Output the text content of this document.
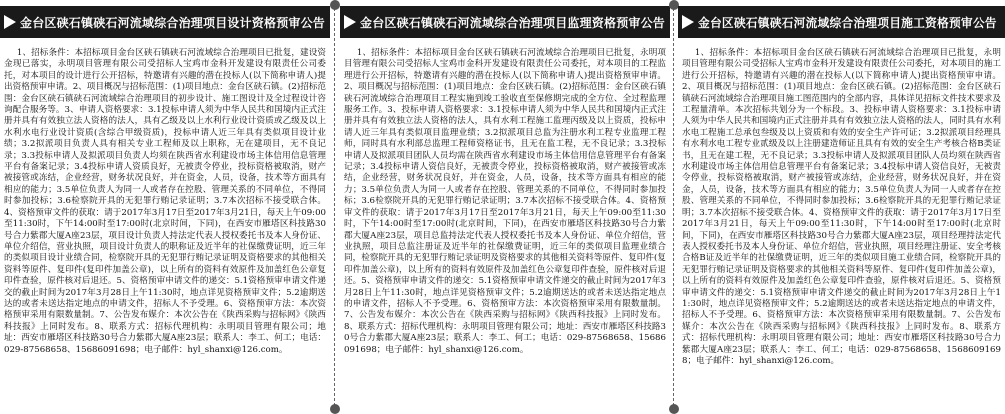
金台区硖石镇硖石河流域综合治理项目设计资格预审公告
1、招标条件：本招标项目金台区硖石镇硖石河流域综合治理项目已批复，建设资金现已落实，永明项目管理有限公司受招标人宝鸡市金科开发建设有限责任公司委托，对本项目的设计进行公开招标，特邀请有兴趣的潜在投标人(以下简称申请人)提出资格预审申请。2、项目概况与招标范围：(1)项目地点：金台区硖石镇。(2)招标范围：金台区硖石镇硖石河流域综合治理项目的初步设计、施工图设计及全过程设计咨询配合服务等。3、申请人资格要求：3.1投标申请人须为中华人民共和国境内正式注册并具有有效独立法人资格的法人，具有乙级及以上水利行业设计资质或乙级及以上水利水电行业设计资质(含综合甲级资质)，投标申请人近三年具有类似项目设计业绩；3.2拟派项目负责人具有相关专业工程师及以上职称，无在建项目，无不良记录；3.3投标申请人及拟派项目负责人均须在陕西省水利建设市场主体信用信息管理平台有备案记录；3.4投标申请人资质良好，无被责令停业，投标资格被取消，财产被接管或冻结，企业经营，财务状况良好，并在资金，人员，设备，技术等方面具有相应的能力；3.5单位负责人为同一人或者存在控股、管理关系的不同单位，不得同时参加投标；3.6检察院开具的无犯罪行贿记录证明；3.7本次招标不接受联合体。4、资格预审文件的获取：请于2017年3月17日至2017年3月21日，每天上午09:00至11:30时，下午14:00时至17:00时(北京时间，下同)，在西安市雁塔区科技路30号合力紫郡大厦A座23层，项目设计负责人持法定代表人授权委托书及本人身份证、单位介绍信，营业执照，项目设计负责人的职称证及近半年的社保缴费证明，近三年的类似项目设计业绩合同，检察院开具的无犯罪行贿记录证明及资格要求的其他相关资料等原件、复印件(复印件加盖公章)，以上所有的资料有效原件及加盖红色公章复印件查验，原件核对后退还。5、资格预审申请文件的递交：5.1资格预审申请文件递交的截止时间为2017年3月28日上午11:30时，地点详见资格预审文件；5.2逾期送达的或者未送达指定地点的申请文件，招标人不予受理。6、资格预审方法：本次资格预审采用有限数量制。7、公告发布媒介：本次公告在《陕西采购与招标网》《陕西科技报》上同时发布。8、联系方式：招标代理机构：永明项目管理有限公司；地址：西安市雁塔区科技路30号合力紫郡大厦A座23层；联系人：李工、何工；电话：029-87568658、15686091698；电子邮件：hyl_shanxi@126.com。
金台区硖石镇硖石河流域综合治理项目监理资格预审公告
1、招标条件：本招标项目金台区硖石镇硖石河流域综合治理项目已批复，永明项目管理有限公司受招标人宝鸡市金科开发建设有限责任公司委托，对本项目的工程监理进行公开招标，特邀请有兴趣的潜在投标人(以下简称申请人)提出资格预审申请。2、项目概况与招标范围：(1)项目地点：金台区硖石镇。(2)招标范围：金台区硖石镇硖石河流域综合治理项目工程实施到竣工验收直至保修期完成的全方位、全过程监理服务工作。3、投标申请人资格要求：3.1投标申请人须为中华人民共和国境内正式注册并具有有效独立法人资格的法人，具有水利工程施工监理丙级及以上资质，投标申请人近三年具有类似项目监理业绩；3.2拟派项目总监为注册水利工程专业监理工程师，同时具有水利部总监理工程师资格证书，且无在监工程，无不良记录；3.3投标申请人及拟派项目团队人员均需在陕西省水利建设市场主体信用信息管理平台有备案记录；3.4投标申请人资信良好，无被责令停业，投标资格被取消，财产被接管或冻结，企业经营，财务状况良好，并在资金，人员，设备，技术等方面具有相应的能力；3.5单位负责人为同一人或者存在控股、管理关系的不同单位，不得同时参加投标；3.6检察院开具的无犯罪行贿记录证明；3.7本次招标不接受联合体。4、资格预审文件的获取：请于2017年3月17日至2017年3月21日，每天上午09:00至11:30时，下午14:00时至17:00时(北京时间，下同)，在西安市雁塔区科技路30号合力紫郡大厦A座23层，项目总监持法定代表人授权委托书及本人身份证、单位介绍信，营业执照，项目总监注册证及近半年的社保缴费证明，近三年的类似项目监理业绩合同，检察院开具的无犯罪行贿记录证明及资格要求的其他相关资料等原件、复印件(复印件加盖公章)，以上所有的资料有效原件及加盖红色公章复印件查验，原件核对后退还。5、资格预审申请文件的递交：5.1资格预审申请文件递交的截止时间为2017年3月28日上午11:30时，地点详见资格预审文件；5.2逾期送达的或者未送达指定地点的申请文件，招标人不予受理。6、资格预审方法：本次资格预审采用有限数量制。7、公告发布媒介：本次公告在《陕西采购与招标网》《陕西科技报》上同时发布。8、联系方式：招标代理机构：永明项目管理有限公司；地址：西安市雁塔区科技路30号合力紫郡大厦A座23层；联系人：李工、何工；电话：029-87568658、15686091698；电子邮件：hyl_shanxi@126.com。
金台区硖石镇硖石河流域综合治理项目施工资格预审公告
1、招标条件：本招标项目金台区硖石镇硖石河流域综合治理项目已批复，永明项目管理有限公司受招标人宝鸡市金科开发建设有限责任公司委托，对本项目的施工进行公开招标，特邀请有兴趣的潜在投标人(以下简称申请人)提出资格预审申请。2、项目概况与招标范围：(1)项目地点：金台区硖石镇。(2)招标范围：金台区硖石镇硖石河流域综合治理项目施工图范围内的全部内容，具体详见招标文件技术要求及工程量清单。本次招标共划分为一个标段。3、投标申请人资格要求：3.1投标申请人须为中华人民共和国境内正式注册并具有有效独立法人资格的法人，同时具有水利水电工程施工总承包叁级及以上资质和有效的安全生产许可证；3.2拟派项目经理具有水利水电工程专业贰级及以上注册建造师证且具有有效的安全生产考核合格B类证书，且无在建工程，无不良记录；3.3投标申请人及拟派项目团队人员均须在陕西省水利建设市场主体信用信息管理平台有备案记录；3.4投标申请人资信良好，无被责令停业，投标资格被取消，财产被接管或冻结，企业经营，财务状况良好，并在资金，人员，设备，技术等方面具有相应的能力；3.5单位负责人为同一人或者存在控股、管理关系的不同单位，不得同时参加投标；3.6检察院开具的无犯罪行贿记录证明；3.7本次招标不接受联合体。4、资格预审文件的获取：请于2017年3月17日至2017年3月21日，每天上午09:00至11:30时，下午14:00时至17:00时(北京时间，下同)，在西安市雁塔区科技路30号合力紫郡大厦A座23层，项目经理持法定代表人授权委托书及本人身份证、单位介绍信，营业执照，项目经理注册证、安全考核合格B证及近半年的社保缴费证明，近三年的类似项目施工业绩合同，检察院开具的无犯罪行贿记录证明及资格要求的其他相关资料等原件、复印件(复印件加盖公章)，以上所有的资料有效原件及加盖红色公章复印件查验，原件核对后退还。5、资格预审申请文件的递交：5.1资格预审申请文件递交的截止时间为2017年3月28日上午11:30时，地点详见资格预审文件；5.2逾期送达的或者未送达指定地点的申请文件，招标人不予受理。6、资格预审方法：本次资格预审采用有限数量制。7、公告发布媒介：本次公告在《陕西采购与招标网》《陕西科技报》上同时发布。8、联系方式：招标代理机构：永明项目管理有限公司；地址：西安市雁塔区科技路30号合力紫郡大厦A座23层；联系人：李工、何工；电话：029-87568658、15686091698；电子邮件：hyl_shanxi@126.com。
